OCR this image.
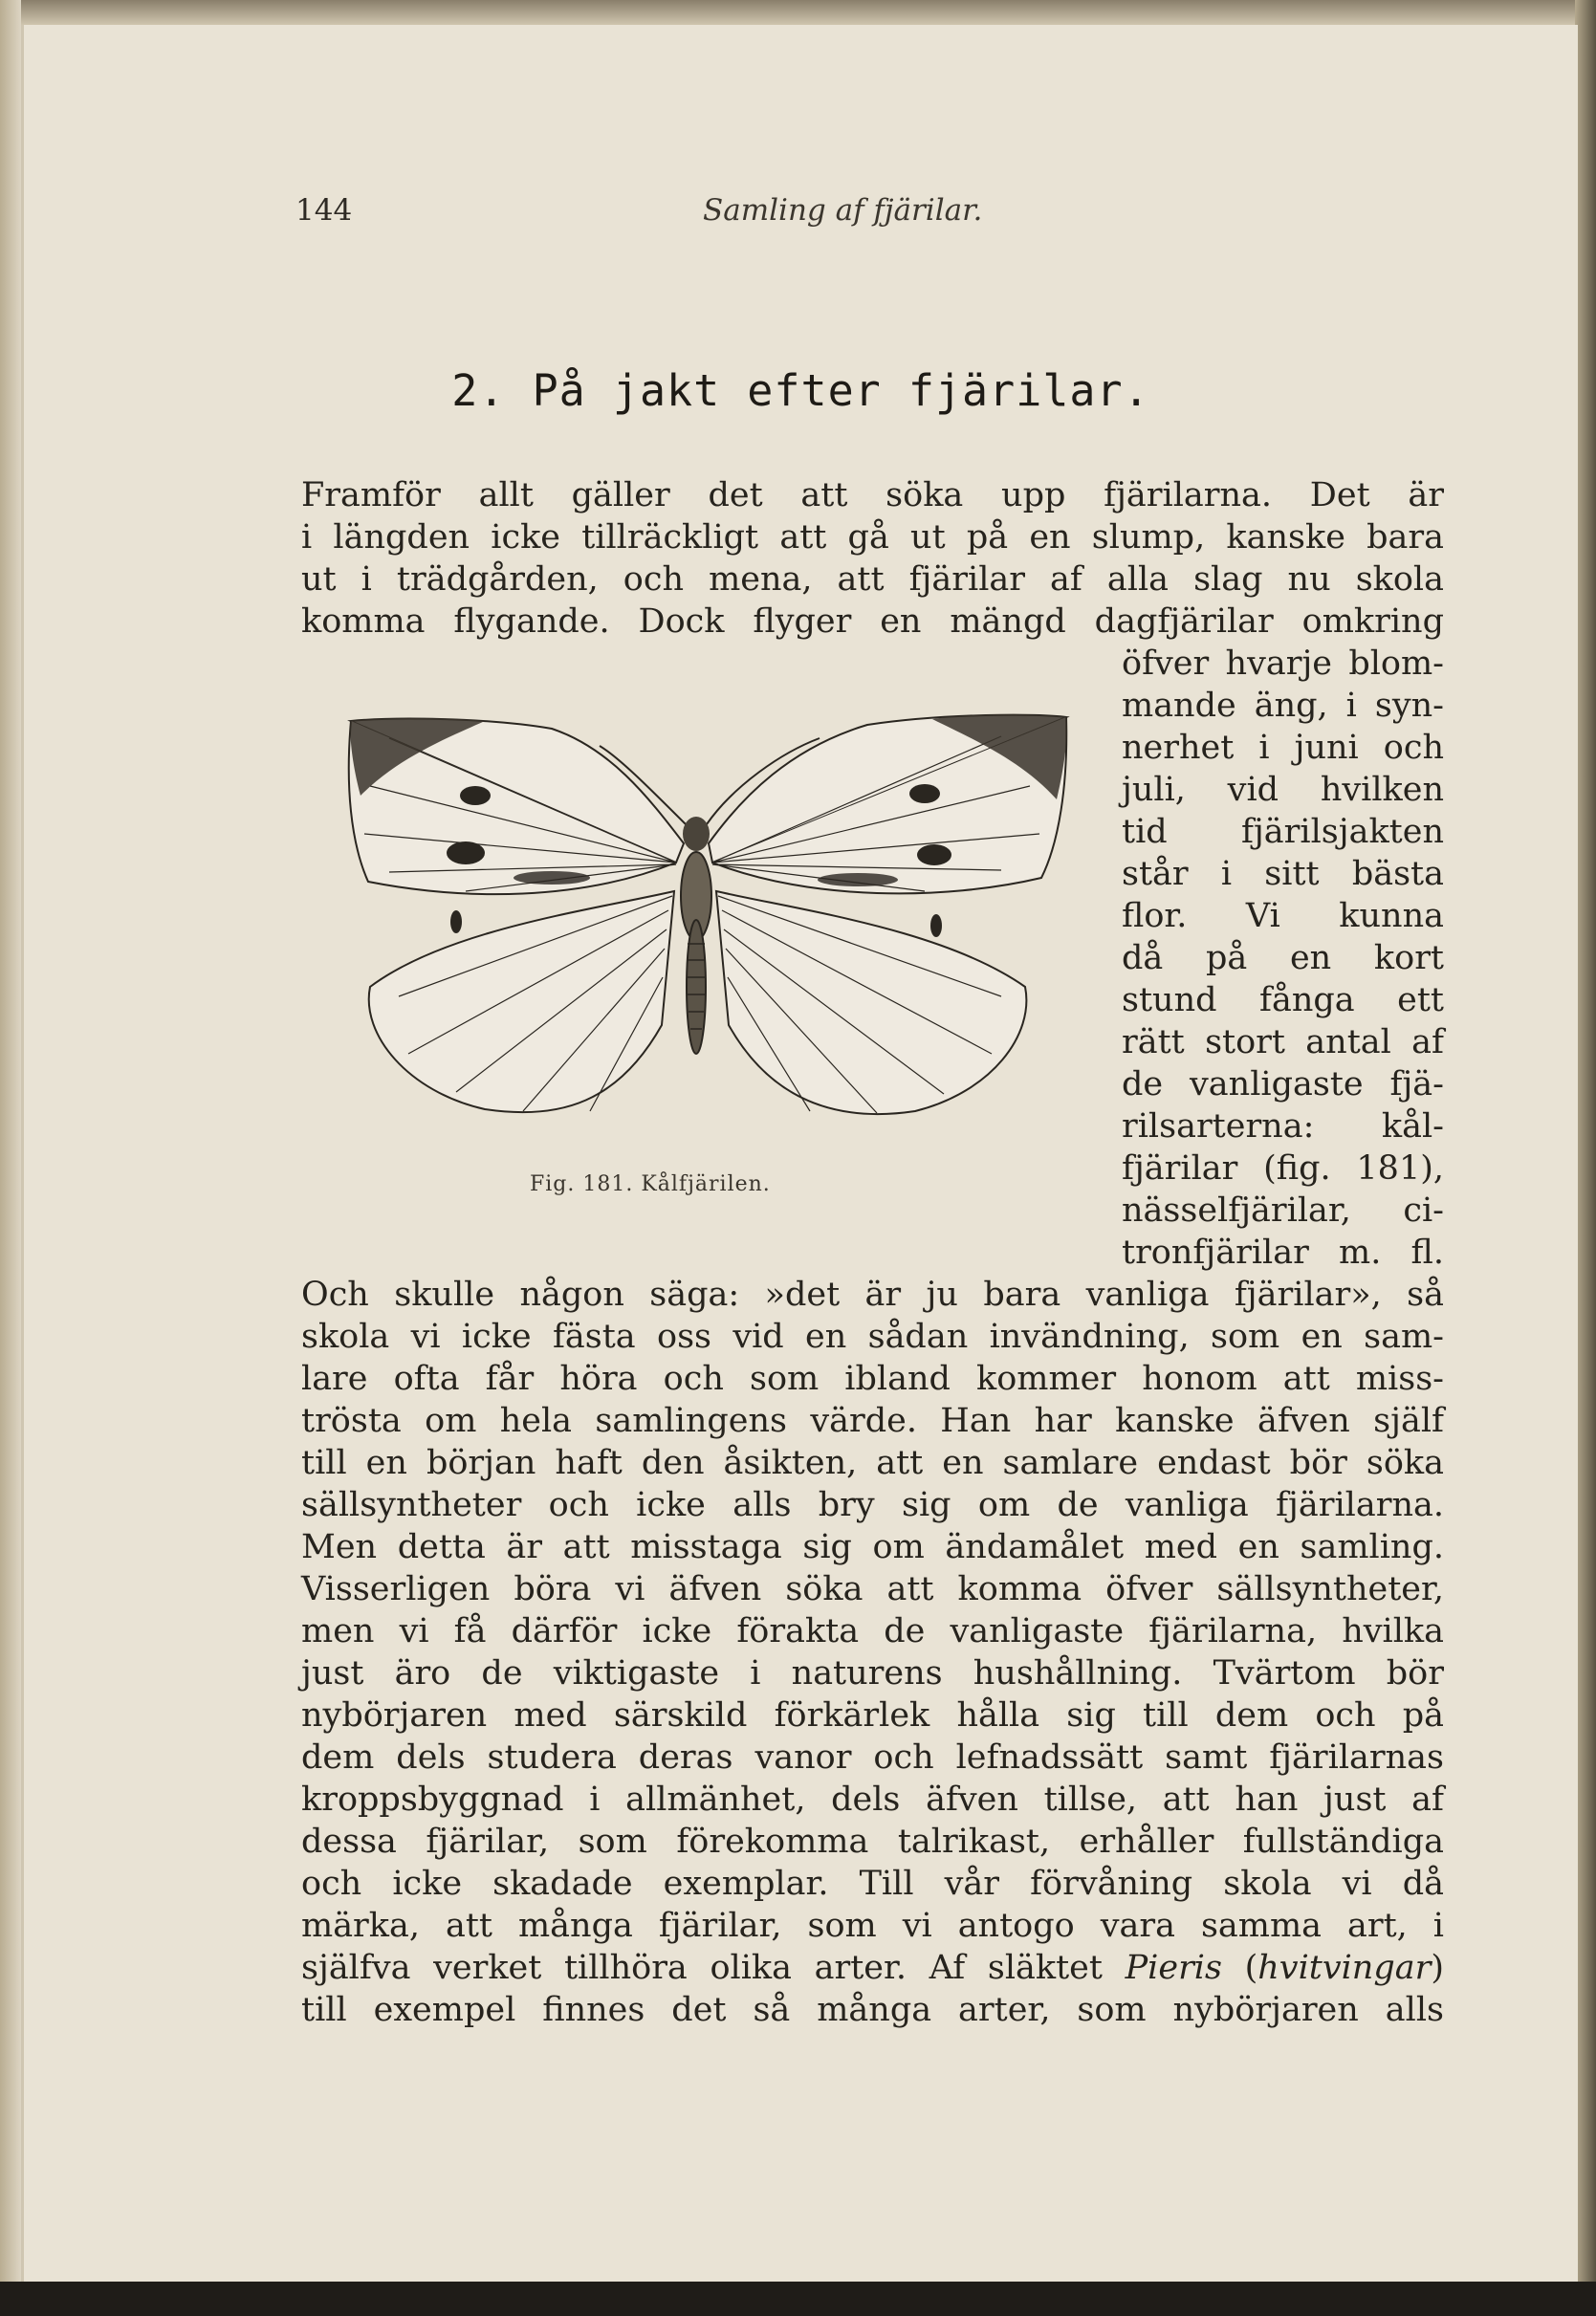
144	Samling af fjärilar.
2. På jakt efter fjärilar.
Framför allt gäller det att söka upp fjärilarna. Det är
i längden icke tillräckligt att gå ut på en slump, kanske bara
ut i trädgården, och mena, att fjärilar af alla slag nu skola
komma flygande. Dock flyger en mängd dagfjärilar omkring
Fig. 181. Kålfjärilen.
öfver hvarje blom-
mande äng, i syn-
nerhet i juni och
juli, vid hvilken
tid fjärilsjakten
står i sitt bästa
flor. Vi kunna
då på en kort
stund fånga ett
rätt stort antal af
de vanligaste fjä-
rilsarterna: kål-
fjärilar (fig. 181),
nässelfjärilar, ci-
tronfjärilar m. fl.
Och skulle någon säga: »det är ju bara vanliga fjärilar», så
skola vi icke fästa oss vid en sådan invändning, som en sam-
lare ofta får höra och som ibland kommer honom att miss-
trösta om hela samlingens värde. Han har kanske äfven själf
till en början haft den åsikten, att en samlare endast bör söka
sällsyntheter och icke alls bry sig om de vanliga fjärilarna.
Men detta är att misstaga sig om ändamålet med en samling.
Visserligen böra vi äfven söka att komma öfver sällsyntheter,
men vi få därför icke förakta de vanligaste fjärilarna, hvilka
just äro de viktigaste i naturens hushållning. Tvärtom bör
nybörjaren med särskild förkärlek hålla sig till dem och på
dem dels studera deras vanor och lefnadssätt samt fjärilarnas
kroppsbyggnad i allmänhet, dels äfven tillse, att han just af
dessa fjärilar, som förekomma talrikast, erhåller fullständiga
och icke skadade exemplar. Till vår förvåning skola vi då
märka, att många fjärilar, som vi antogo vara samma art, i
själfva verket tillhöra olika arter. Af släktet Pieris (hvitvingar)
till exempel finnes det så många arter, som nybörjaren alls
